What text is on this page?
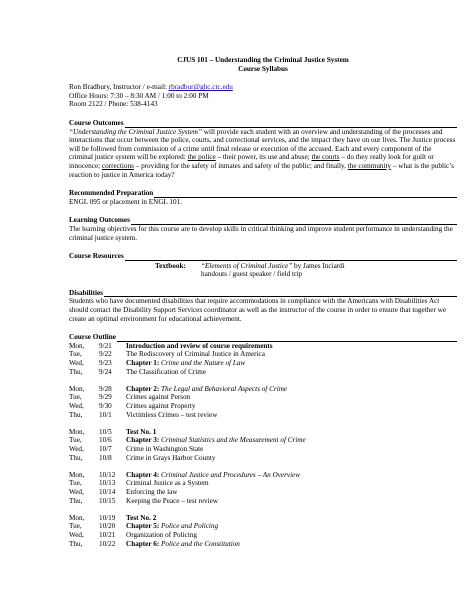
CJUS 101 – Understanding the Criminal Justice System
Course Syllabus

Ron Bradbury, Instructor / e-mail: rbradbur@ghc.ctc.edu

Office Hours: 7:30 – 8:30 AM / 1:00 to 2:00 PM

Room 2122 / Phone: 538-4143

Course Outcomes

“Understanding the Criminal Justice System” will provide each student with an overview and understanding of the processes and interactions that occur between the police, courts, and correctional services, and the impact they have on our lives. The Justice process will be followed from commission of a crime until final release or execution of the accused. Each and every component of the criminal justice system will be explored: the police – their power, its use and abuse; the courts – do they really look for guilt or innocence; corrections – providing for the safety of inmates and safety of the public; and finally, the community – what is the public’s reaction to justice in America today?

Recommended Preparation

ENGL 095 or placement in ENGL 101.

Learning Outcomes

The learning objectives for this course are to develop skills in critical thinking and improve student performance in understanding the criminal justice system.

Course Resources
Textbook: “Elements of Criminal Justice” by James Inciardi
handouts / guest speaker / field trip
Disabilities

Students who have documented disabilities that require accommodations in compliance with the Americans with Disabilities Act should contact the Disability Support Services coordinator as well as the instructor of the course in order to ensure that together we create an optimal environment for educational achievement.

Course Outline
Mon,	9/21	Introduction and review of course requirements
Tue,	9/22	The Rediscovery of Criminal Justice in America
Wed,	9/23	Chapter 1: Crime and the Nature of Law
Thu,	9/24	The Classification of Crime
Mon,	9/28	Chapter 2: The Legal and Behavioral Aspects of Crime
Tue,	9/29	Crimes against Person
Wed,	9/30	Crimes against Property
Thu,	10/1	Victimless Crimes – test review
Mon,	10/5	Test No. 1
Tue,	10/6	Chapter 3: Criminal Statistics and the Measurement of Crime
Wed,	10/7	Crime in Washington State
Thu,	10/8	Crime in Grays Harbor County
Mon,	10/12	Chapter 4: Criminal Justice and Procedures – An Overview
Tue,	10/13	Criminal Justice as a System
Wed,	10/14	Enforcing the law
Thu,	10/15	Keeping the Peace – test review
Mon,	10/19	Test No. 2
Tue,	10/20	Chapter 5: Police and Policing
Wed,	10/21	Organization of Policing
Thu,	10/22	Chapter 6: Police and the Constitution
